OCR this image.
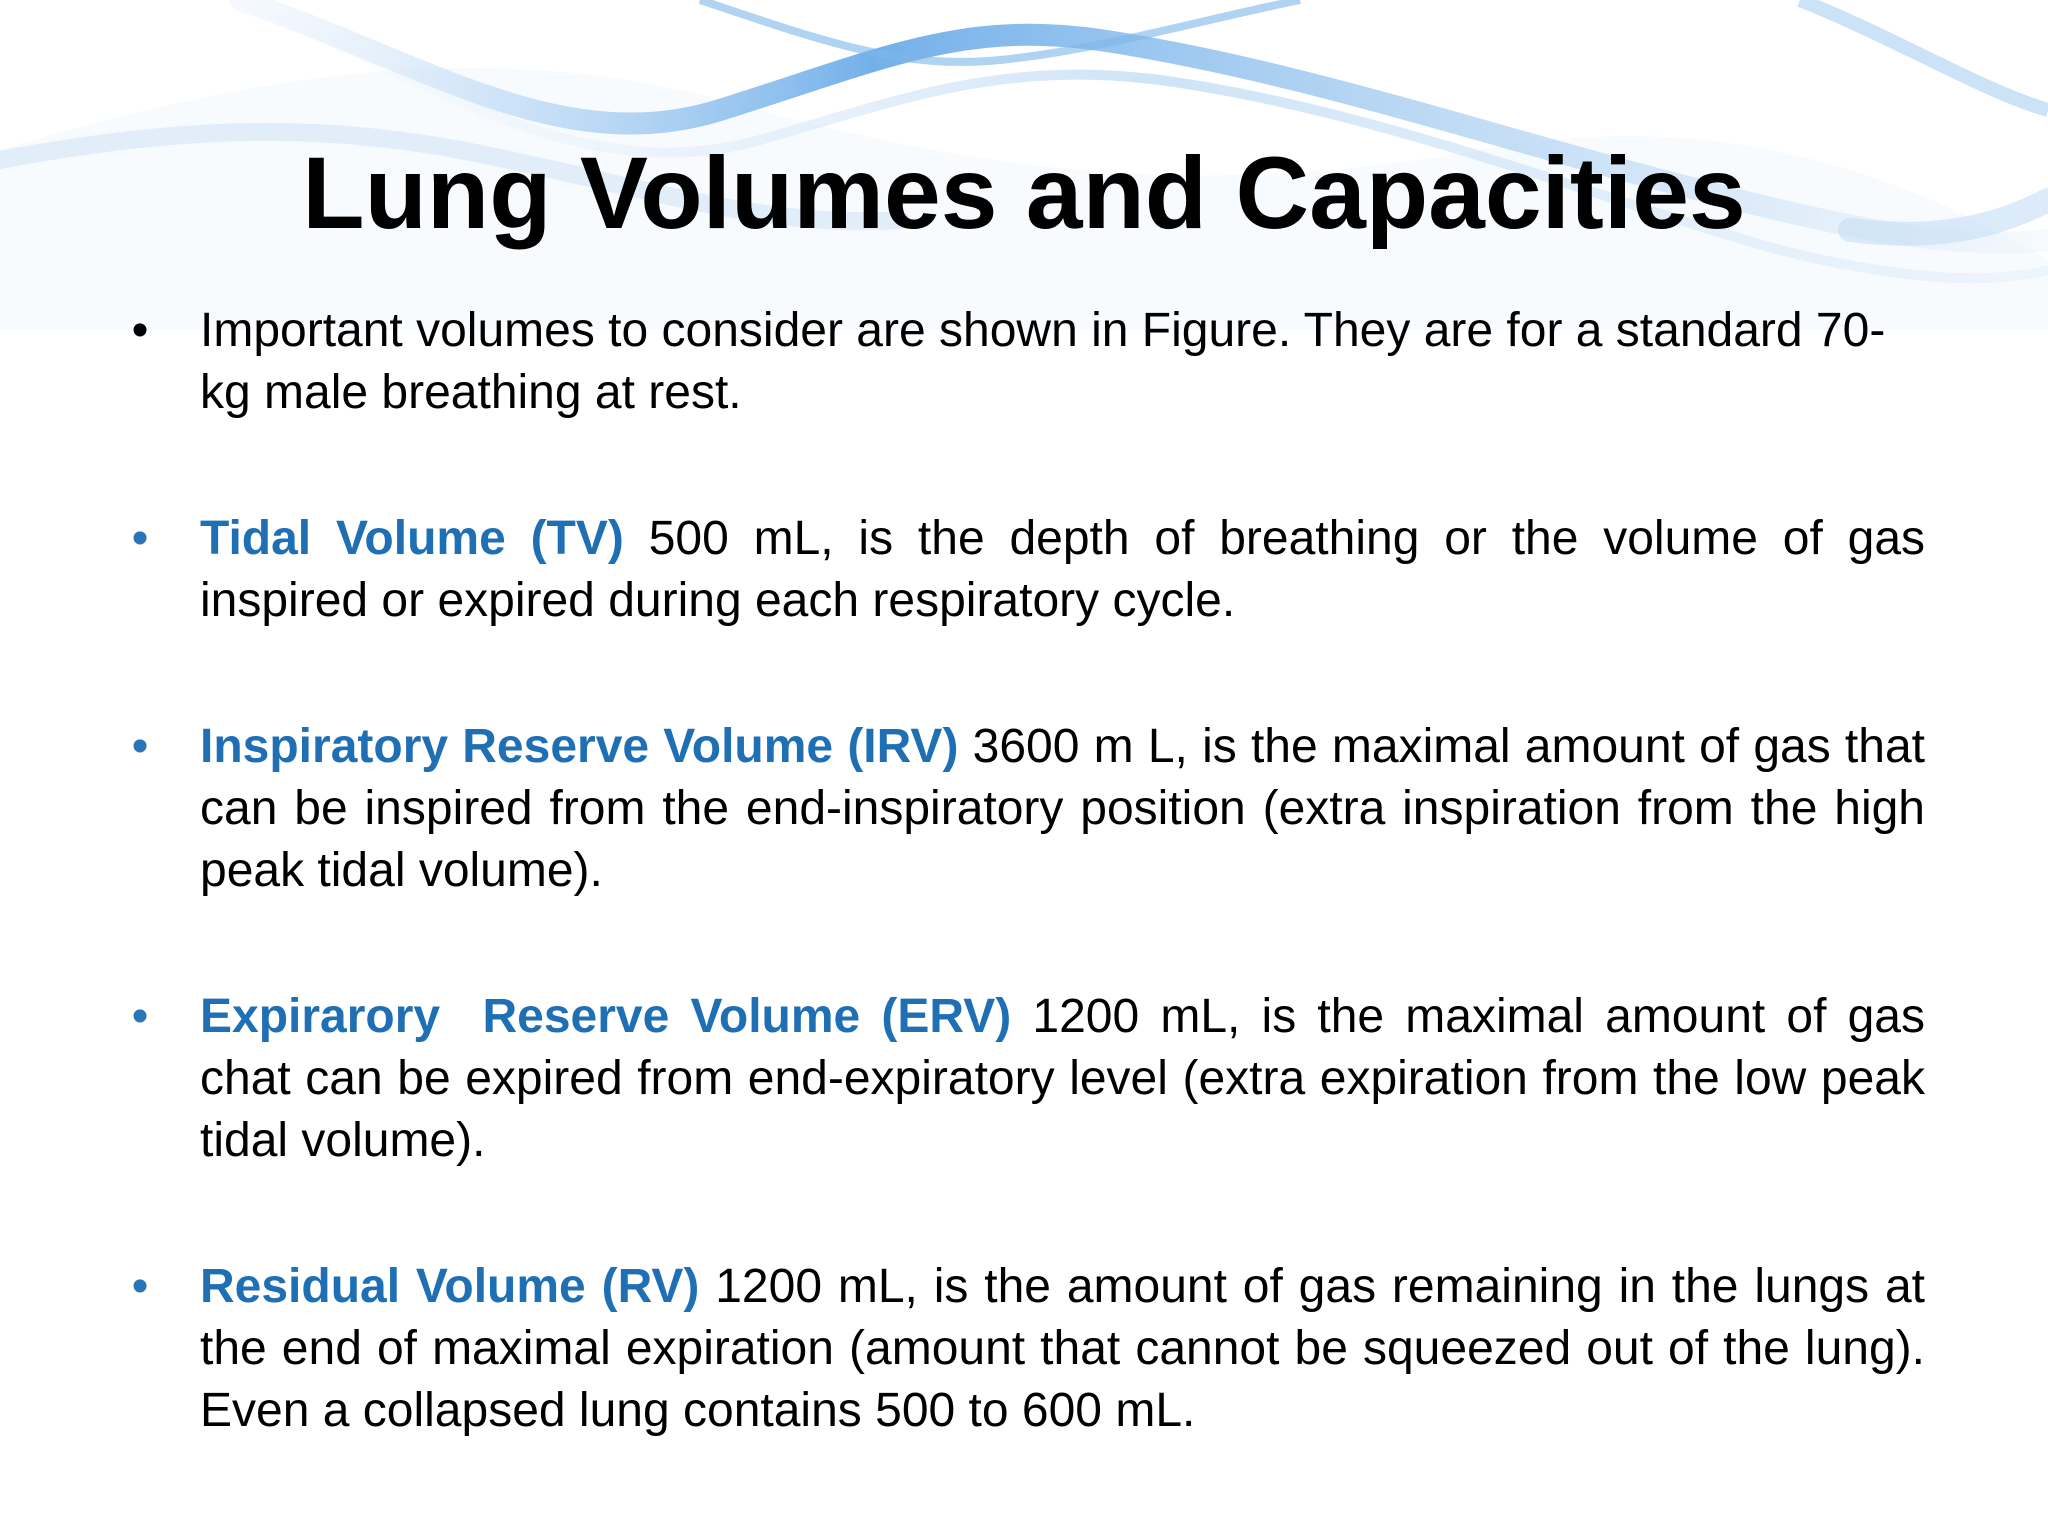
Lung Volumes and Capacities
• Important volumes to consider are shown in Figure. They are for a standard 70-kg male breathing at rest.
• Tidal Volume (TV) 500 mL, is the depth of breathing or the volume of gas inspired or expired during each respiratory cycle.
• Inspiratory Reserve Volume (IRV) 3600 m L, is the maximal amount of gas that can be inspired from the end-inspiratory position (extra inspiration from the high peak tidal volume).
• Expirarory  Reserve Volume (ERV) 1200 mL, is the maximal amount of gas chat can be expired from end-expiratory level (extra expiration from the low peak tidal volume).
• Residual Volume (RV) 1200 mL, is the amount of gas remaining in the lungs at the end of maximal expiration (amount that cannot be squeezed out of the lung). Even a collapsed lung contains 500 to 600 mL.
